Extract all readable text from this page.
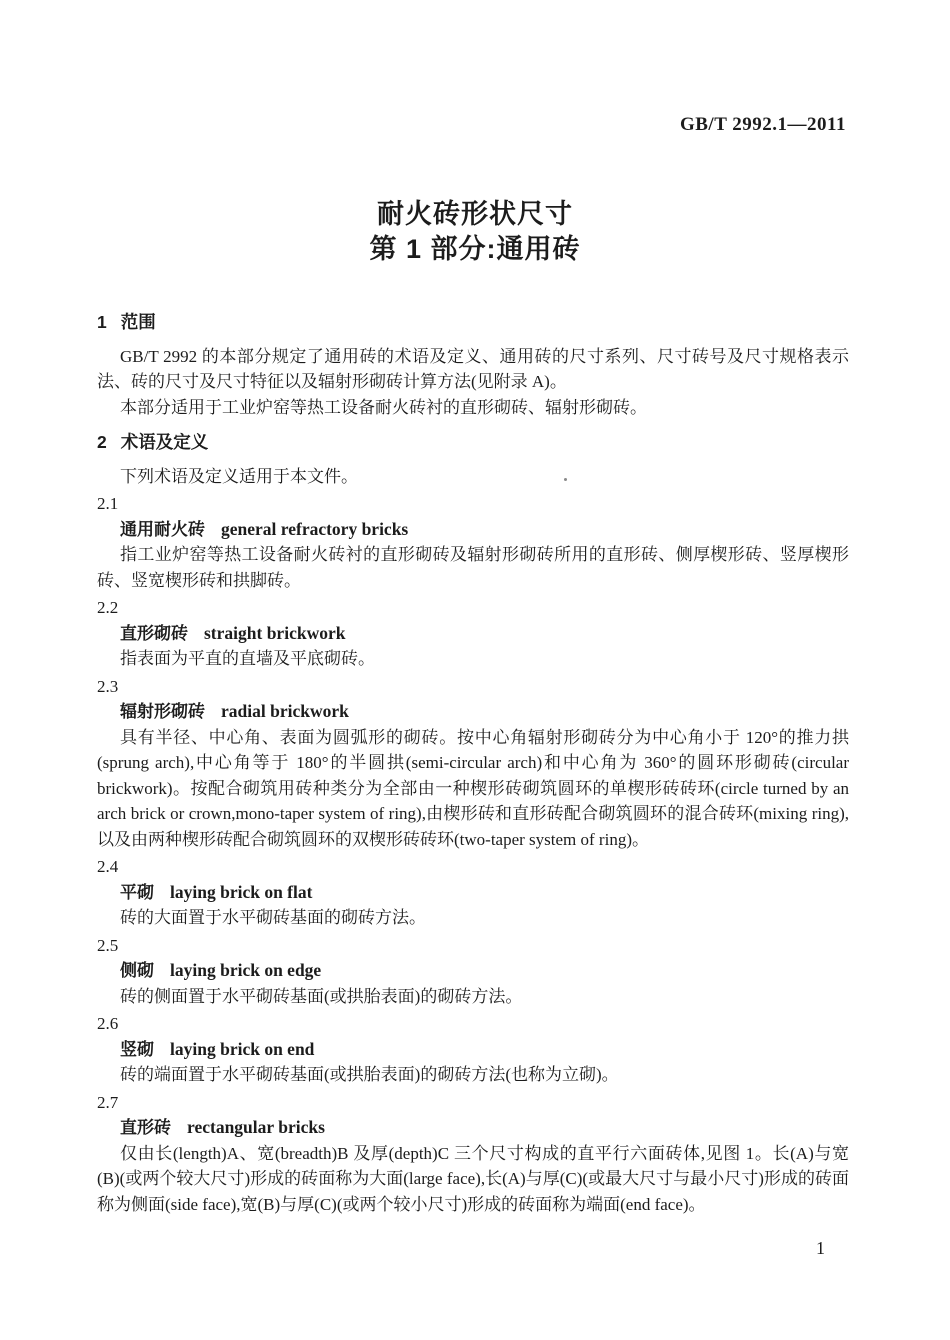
GB/T 2992.1—2011
耐火砖形状尺寸
第 1 部分:通用砖
1 范围

GB/T 2992 的本部分规定了通用砖的术语及定义、通用砖的尺寸系列、尺寸砖号及尺寸规格表示法、砖的尺寸及尺寸特征以及辐射形砌砖计算方法(见附录 A)。

本部分适用于工业炉窑等热工设备耐火砖衬的直形砌砖、辐射形砌砖。

2 术语及定义

下列术语及定义适用于本文件。

2.1
通用耐火砖 general refractory bricks

指工业炉窑等热工设备耐火砖衬的直形砌砖及辐射形砌砖所用的直形砖、侧厚楔形砖、竖厚楔形砖、竖宽楔形砖和拱脚砖。

2.2
直形砌砖 straight brickwork

指表面为平直的直墙及平底砌砖。

2.3
辐射形砌砖 radial brickwork

具有半径、中心角、表面为圆弧形的砌砖。按中心角辐射形砌砖分为中心角小于 120°的推力拱(sprung arch),中心角等于 180°的半圆拱(semi-circular arch)和中心角为 360°的圆环形砌砖(circular brickwork)。按配合砌筑用砖种类分为全部由一种楔形砖砌筑圆环的单楔形砖砖环(circle turned by an arch brick or crown,mono-taper system of ring),由楔形砖和直形砖配合砌筑圆环的混合砖环(mixing ring),以及由两种楔形砖配合砌筑圆环的双楔形砖砖环(two-taper system of ring)。

2.4
平砌 laying brick on flat

砖的大面置于水平砌砖基面的砌砖方法。

2.5
侧砌 laying brick on edge

砖的侧面置于水平砌砖基面(或拱胎表面)的砌砖方法。

2.6
竖砌 laying brick on end

砖的端面置于水平砌砖基面(或拱胎表面)的砌砖方法(也称为立砌)。

2.7
直形砖 rectangular bricks

仅由长(length)A、宽(breadth)B 及厚(depth)C 三个尺寸构成的直平行六面砖体,见图 1。长(A)与宽(B)(或两个较大尺寸)形成的砖面称为大面(large face),长(A)与厚(C)(或最大尺寸与最小尺寸)形成的砖面称为侧面(side face),宽(B)与厚(C)(或两个较小尺寸)形成的砖面称为端面(end face)。

1
